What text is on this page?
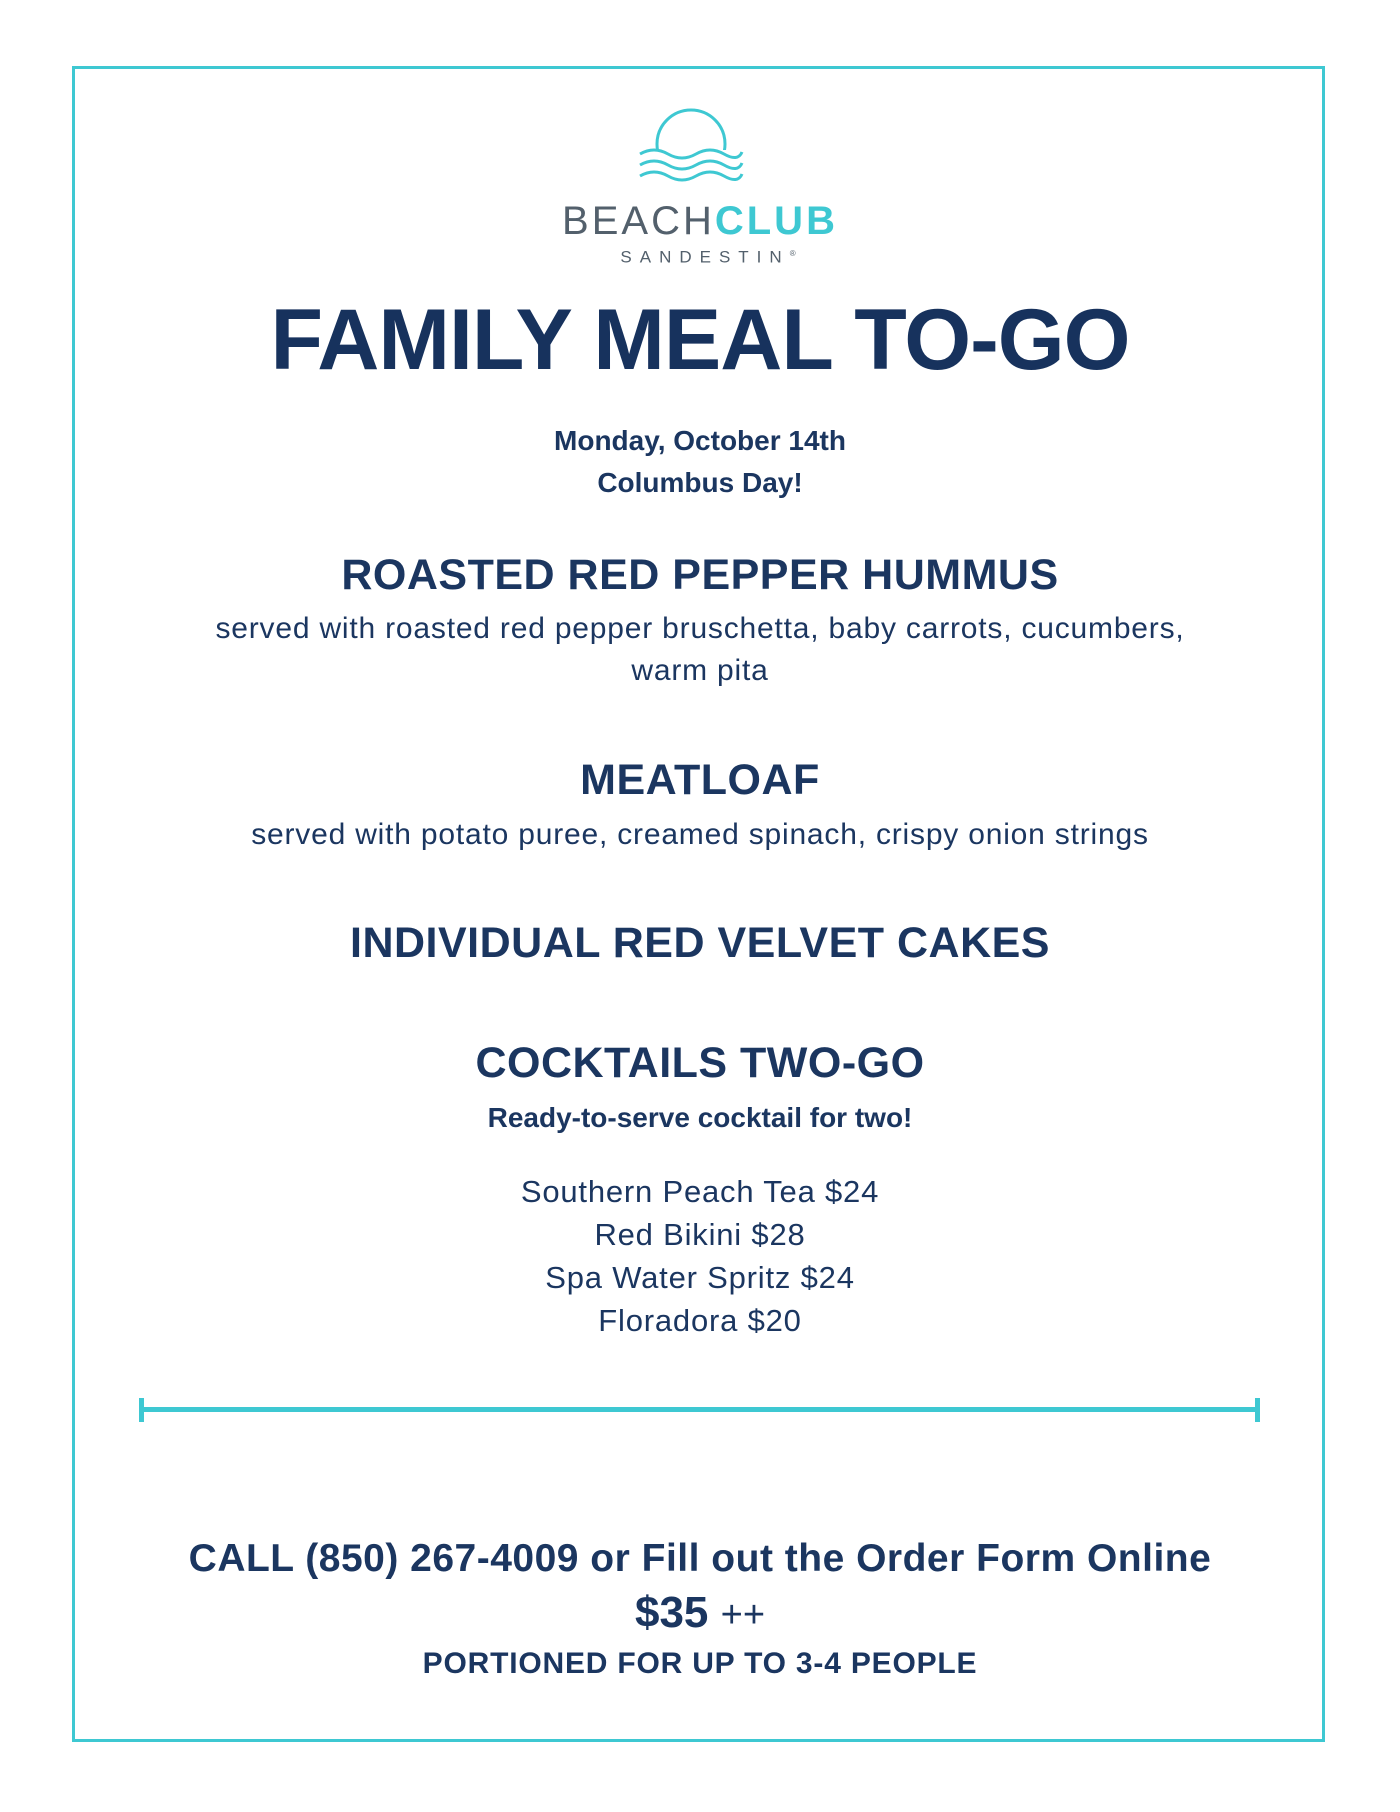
BEACHCLUB
SANDESTIN®
FAMILY MEAL TO-GO
Monday, October 14th
Columbus Day!
ROASTED RED PEPPER HUMMUS
served with roasted red pepper bruschetta, baby carrots, cucumbers,
warm pita
MEATLOAF
served with potato puree, creamed spinach, crispy onion strings
INDIVIDUAL RED VELVET CAKES
COCKTAILS TWO-GO
Ready-to-serve cocktail for two!
Southern Peach Tea $24
Red Bikini $28
Spa Water Spritz $24
Floradora $20
CALL (850) 267-4009 or Fill out the Order Form Online
$35 ++
PORTIONED FOR UP TO 3-4 PEOPLE
